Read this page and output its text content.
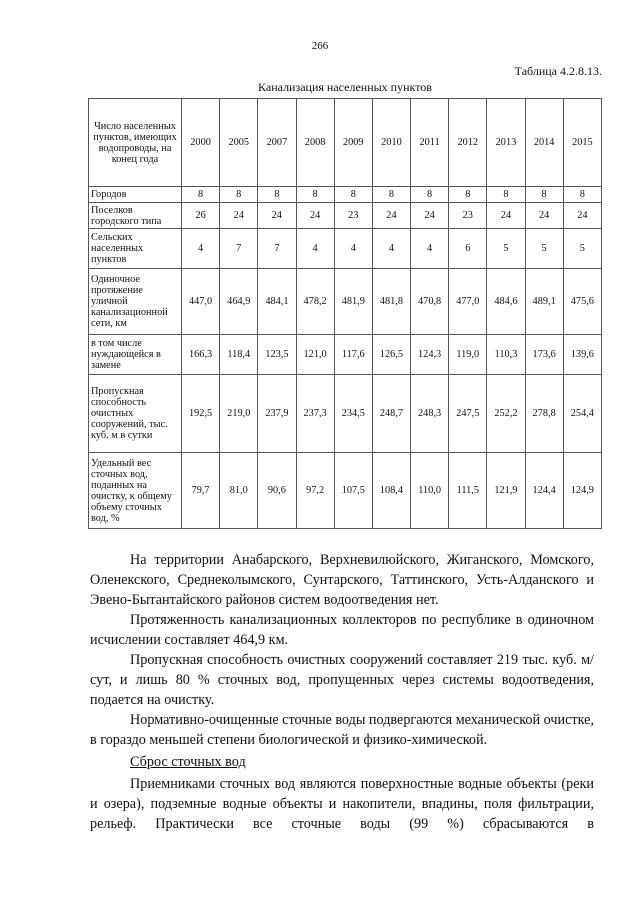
266
Таблица 4.2.8.13.
Канализация населенных пунктов
Число населенных пунктов, имеющих водопроводы, на конец года	2000	2005	2007	2008	2009	2010	2011	2012	2013	2014	2015
Городов	8	8	8	8	8	8	8	8	8	8	8
Поселков городского типа	26	24	24	24	23	24	24	23	24	24	24
Сельских населенных пунктов	4	7	7	4	4	4	4	6	5	5	5
Одиночное протяжение уличной канализационной сети, км	447,0	464,9	484,1	478,2	481,9	481,8	470,8	477,0	484,6	489,1	475,6
в том числе нуждающейся в замене	166,3	118,4	123,5	121,0	117,6	126,5	124,3	119,0	110,3	173,6	139,6
Пропускная способность очистных сооружений, тыс. куб. м в сутки	192,5	219,0	237,9	237,3	234,5	248,7	248,3	247,5	252,2	278,8	254,4
Удельный вес сточных вод, поданных на очистку, к общему объему сточных вод, %	79,7	81,0	90,6	97,2	107,5	108,4	110,0	111,5	121,9	124,4	124,9

На территории Анабарского, Верхневилюйского, Жиганского, Момского, Оленекского, Среднеколымского, Сунтарского, Таттинского, Усть-Алданского и Эвено-Бытантайского районов систем водоотведения нет.

Протяженность канализационных коллекторов по республике в одиночном исчислении составляет 464,9 км.

Пропускная способность очистных сооружений составляет 219 тыс. куб. м/сут, и лишь 80 % сточных вод, пропущенных через системы водоотведения, подается на очистку.

Нормативно-очищенные сточные воды подвергаются механической очистке, в гораздо меньшей степени биологической и физико-химической.

Сброс сточных вод

Приемниками сточных вод являются поверхностные водные объекты (реки и озера), подземные водные объекты и накопители, впадины, поля фильтрации, рельеф. Практически все сточные воды (99 %) сбрасываются в
